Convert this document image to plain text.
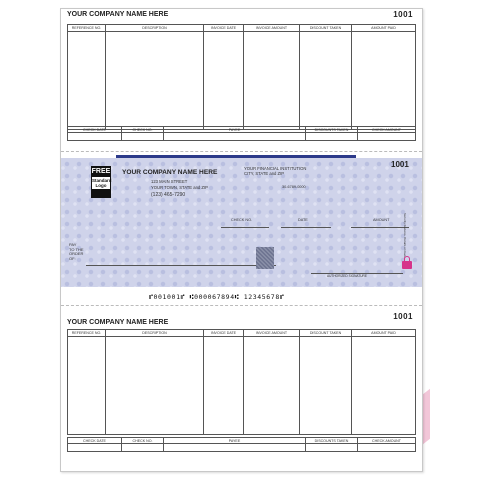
YOUR COMPANY NAME HERE	1001
REFERENCE NO.	DESCRIPTION	INVOICE DATE	INVOICE AMOUNT	DISCOUNT TAKEN	AMOUNT PAID

CHECK DATE	CHECK NO.	PAYEE	DISCOUNTS TAKEN	CHECK AMOUNT

FREE
Standard Logo
YOUR COMPANY NAME HERE
123 MAIN STREET
YOUR TOWN, STATE and ZIP
(123) 465-7290
YOUR FINANCIAL INSTITUTION
CITY, STATE and ZIP
30-6789-0000
1001
CHECK NO.	DATE	AMOUNT
PAY
TO THE
ORDER
OF:
AUTHORIZED SIGNATURE
Security features. Details on back.
⑈001001⑈ ⑆000067894⑆ 12345678⑈
YOUR COMPANY NAME HERE
1001
REFERENCE NO.	DESCRIPTION	INVOICE DATE	INVOICE AMOUNT	DISCOUNT TAKEN	AMOUNT PAID

CHECK DATE	CHECK NO.	PAYEE	DISCOUNTS TAKEN	CHECK AMOUNT
